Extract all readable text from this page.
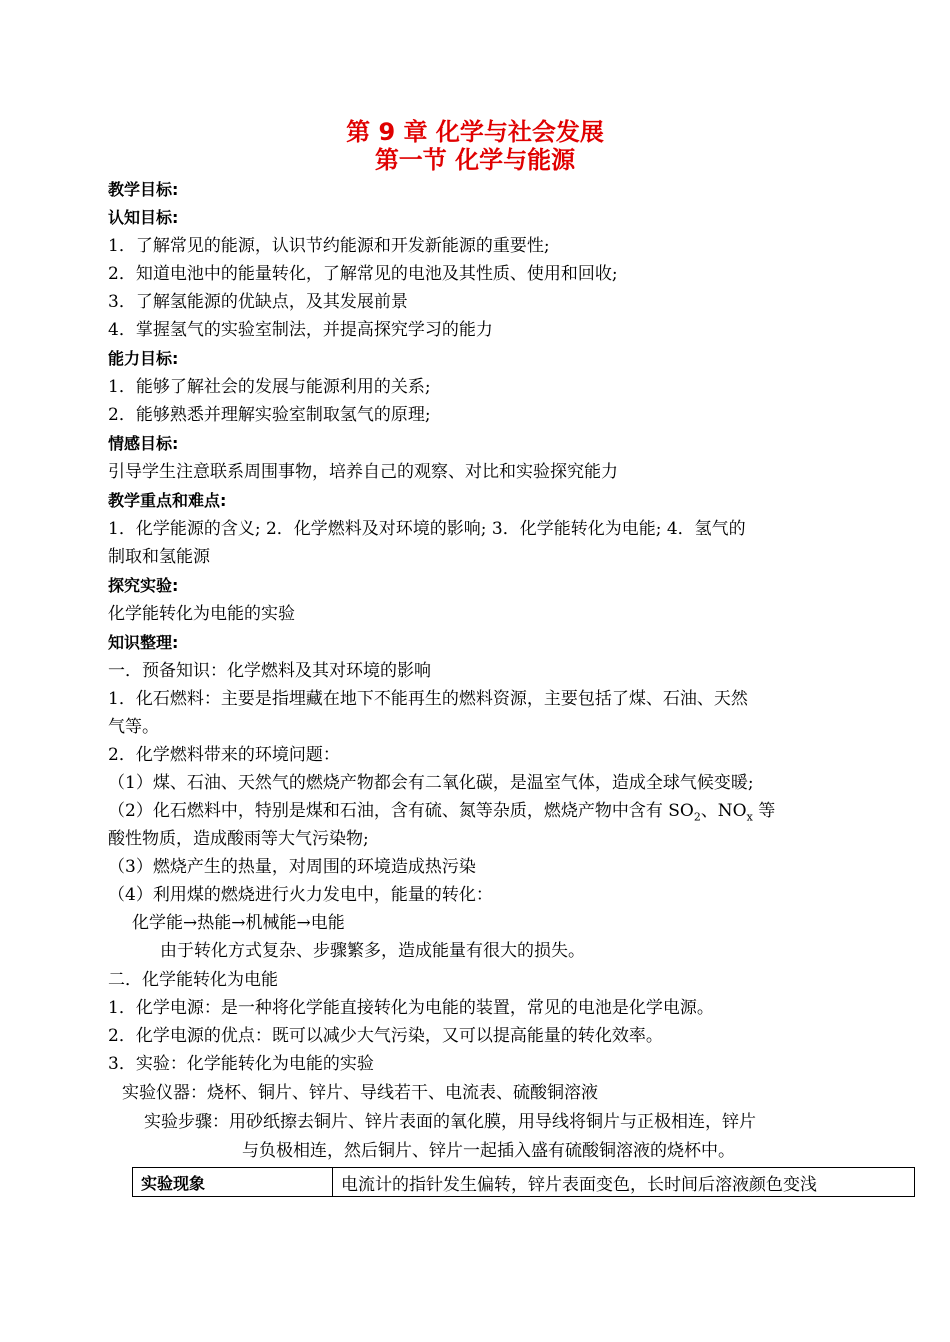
第 9 章 化学与社会发展
第一节 化学与能源
教学目标:
认知目标:
1．了解常见的能源，认识节约能源和开发新能源的重要性;
2．知道电池中的能量转化，了解常见的电池及其性质、使用和回收;
3．了解氢能源的优缺点，及其发展前景
4．掌握氢气的实验室制法，并提高探究学习的能力
能力目标:
1．能够了解社会的发展与能源利用的关系;
2．能够熟悉并理解实验室制取氢气的原理;
情感目标:
引导学生注意联系周围事物，培养自己的观察、对比和实验探究能力
教学重点和难点:
1．化学能源的含义; 2．化学燃料及对环境的影响; 3．化学能转化为电能; 4．氢气的
制取和氢能源
探究实验:
化学能转化为电能的实验
知识整理:
一．预备知识：化学燃料及其对环境的影响
1．化石燃料：主要是指埋藏在地下不能再生的燃料资源，主要包括了煤、石油、天然
气等。
2．化学燃料带来的环境问题：
（1）煤、石油、天然气的燃烧产物都会有二氧化碳，是温室气体，造成全球气候变暖;
（2）化石燃料中，特别是煤和石油，含有硫、氮等杂质，燃烧产物中含有 $SO_2$、$NO_x$ 等
酸性物质，造成酸雨等大气污染物;
（3）燃烧产生的热量，对周围的环境造成热污染
（4）利用煤的燃烧进行火力发电中，能量的转化：
化学能→热能→机械能→电能
由于转化方式复杂、步骤繁多，造成能量有很大的损失。
二．化学能转化为电能
1．化学电源：是一种将化学能直接转化为电能的装置，常见的电池是化学电源。
2．化学电源的优点：既可以减少大气污染，又可以提高能量的转化效率。
3．实验：化学能转化为电能的实验
实验仪器：烧杯、铜片、锌片、导线若干、电流表、硫酸铜溶液
实验步骤：用砂纸擦去铜片、锌片表面的氧化膜，用导线将铜片与正极相连，锌片
与负极相连，然后铜片、锌片一起插入盛有硫酸铜溶液的烧杯中。
实验现象	电流计的指针发生偏转，锌片表面变色，长时间后溶液颜色变浅
